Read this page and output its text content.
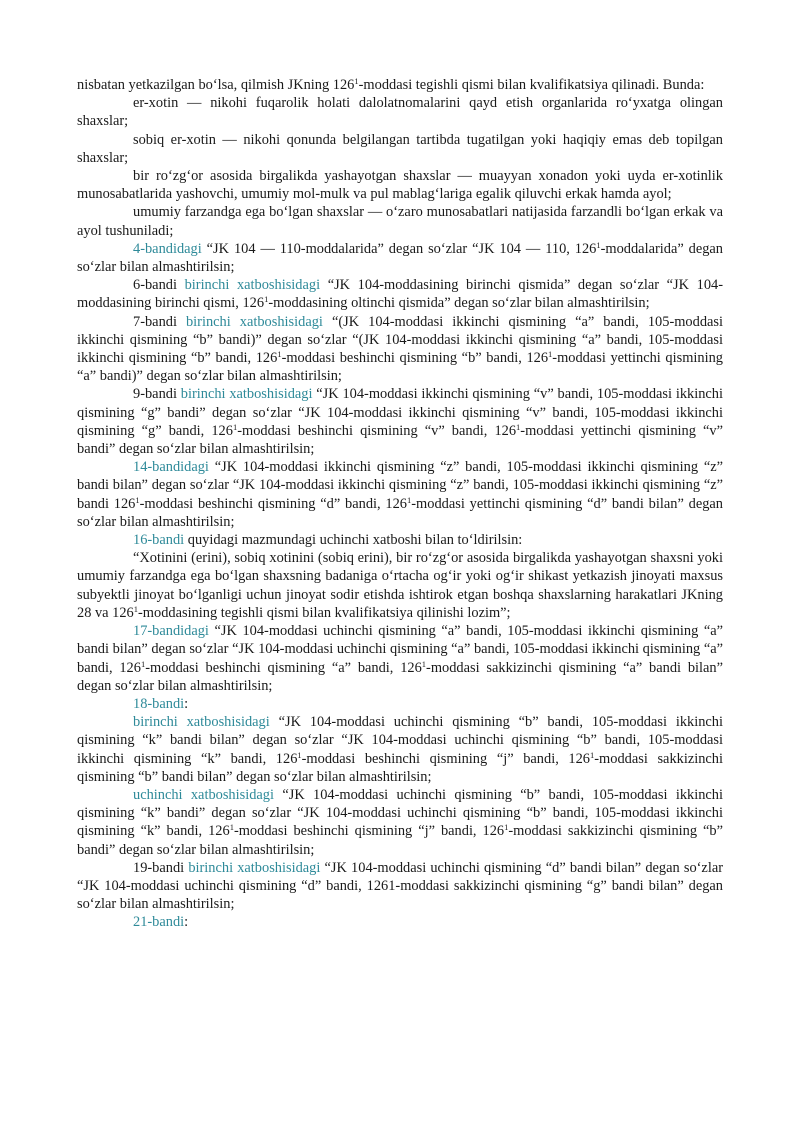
nisbatan yetkazilgan bo‘lsa, qilmish JKning $126^1$-moddasi tegishli qismi bilan kvalifikatsiya qilinadi. Bunda:

er-xotin — nikohi fuqarolik holati dalolatnomalarini qayd etish organlarida ro‘yxatga olingan shaxslar;

sobiq er-xotin — nikohi qonunda belgilangan tartibda tugatilgan yoki haqiqiy emas deb topilgan shaxslar;

bir ro‘zg‘or asosida birgalikda yashayotgan shaxslar — muayyan xonadon yoki uyda er-xotinlik munosabatlarida yashovchi, umumiy mol-mulk va pul mablag‘lariga egalik qiluvchi erkak hamda ayol;

umumiy farzandga ega bo‘lgan shaxslar — o‘zaro munosabatlari natijasida farzandli bo‘lgan erkak va ayol tushuniladi;

4-bandidagi “JK 104 — 110-moddalarida” degan so‘zlar “JK 104 — 110, $126^1$-moddalarida” degan so‘zlar bilan almashtirilsin;

6-bandi birinchi xatboshisidagi “JK 104-moddasining birinchi qismida” degan so‘zlar “JK 104-moddasining birinchi qismi, $126^1$-moddasining oltinchi qismida” degan so‘zlar bilan almashtirilsin;

7-bandi birinchi xatboshisidagi “(JK 104-moddasi ikkinchi qismining “a” bandi, 105-moddasi ikkinchi qismining “b” bandi)” degan so‘zlar “(JK 104-moddasi ikkinchi qismining “a” bandi, 105-moddasi ikkinchi qismining “b” bandi, $126^1$-moddasi beshinchi qismining “b” bandi, $126^1$-moddasi yettinchi qismining “a” bandi)” degan so‘zlar bilan almashtirilsin;

9-bandi birinchi xatboshisidagi “JK 104-moddasi ikkinchi qismining “v” bandi, 105-moddasi ikkinchi qismining “g” bandi” degan so‘zlar “JK 104-moddasi ikkinchi qismining “v” bandi, 105-moddasi ikkinchi qismining “g” bandi, $126^1$-moddasi beshinchi qismining “v” bandi, $126^1$-moddasi yettinchi qismining “v” bandi” degan so‘zlar bilan almashtirilsin;

14-bandidagi “JK 104-moddasi ikkinchi qismining “z” bandi, 105-moddasi ikkinchi qismining “z” bandi bilan” degan so‘zlar “JK 104-moddasi ikkinchi qismining “z” bandi, 105-moddasi ikkinchi qismining “z” bandi $126^1$-moddasi beshinchi qismining “d” bandi, $126^1$-moddasi yettinchi qismining “d” bandi bilan” degan so‘zlar bilan almashtirilsin;

16-bandi quyidagi mazmundagi uchinchi xatboshi bilan to‘ldirilsin:

“Xotinini (erini), sobiq xotinini (sobiq erini), bir ro‘zg‘or asosida birgalikda yashayotgan shaxsni yoki umumiy farzandga ega bo‘lgan shaxsning badaniga o‘rtacha og‘ir yoki og‘ir shikast yetkazish jinoyati maxsus subyektli jinoyat bo‘lganligi uchun jinoyat sodir etishda ishtirok etgan boshqa shaxslarning harakatlari JKning 28 va $126^1$-moddasining tegishli qismi bilan kvalifikatsiya qilinishi lozim”;

17-bandidagi “JK 104-moddasi uchinchi qismining “a” bandi, 105-moddasi ikkinchi qismining “a” bandi bilan” degan so‘zlar “JK 104-moddasi uchinchi qismining “a” bandi, 105-moddasi ikkinchi qismining “a” bandi, $126^1$-moddasi beshinchi qismining “a” bandi, $126^1$-moddasi sakkizinchi qismining “a” bandi bilan” degan so‘zlar bilan almashtirilsin;

18-bandi:

birinchi xatboshisidagi “JK 104-moddasi uchinchi qismining “b” bandi, 105-moddasi ikkinchi qismining “k” bandi bilan” degan so‘zlar “JK 104-moddasi uchinchi qismining “b” bandi, 105-moddasi ikkinchi qismining “k” bandi, $126^1$-moddasi beshinchi qismining “j” bandi, $126^1$-moddasi sakkizinchi qismining “b” bandi bilan” degan so‘zlar bilan almashtirilsin;

uchinchi xatboshisidagi “JK 104-moddasi uchinchi qismining “b” bandi, 105-moddasi ikkinchi qismining “k” bandi” degan so‘zlar “JK 104-moddasi uchinchi qismining “b” bandi, 105-moddasi ikkinchi qismining “k” bandi, $126^1$-moddasi beshinchi qismining “j” bandi, $126^1$-moddasi sakkizinchi qismining “b” bandi” degan so‘zlar bilan almashtirilsin;

19-bandi birinchi xatboshisidagi “JK 104-moddasi uchinchi qismining “d” bandi bilan” degan so‘zlar “JK 104-moddasi uchinchi qismining “d” bandi, 1261-moddasi sakkizinchi qismining “g” bandi bilan” degan so‘zlar bilan almashtirilsin;

21-bandi:
